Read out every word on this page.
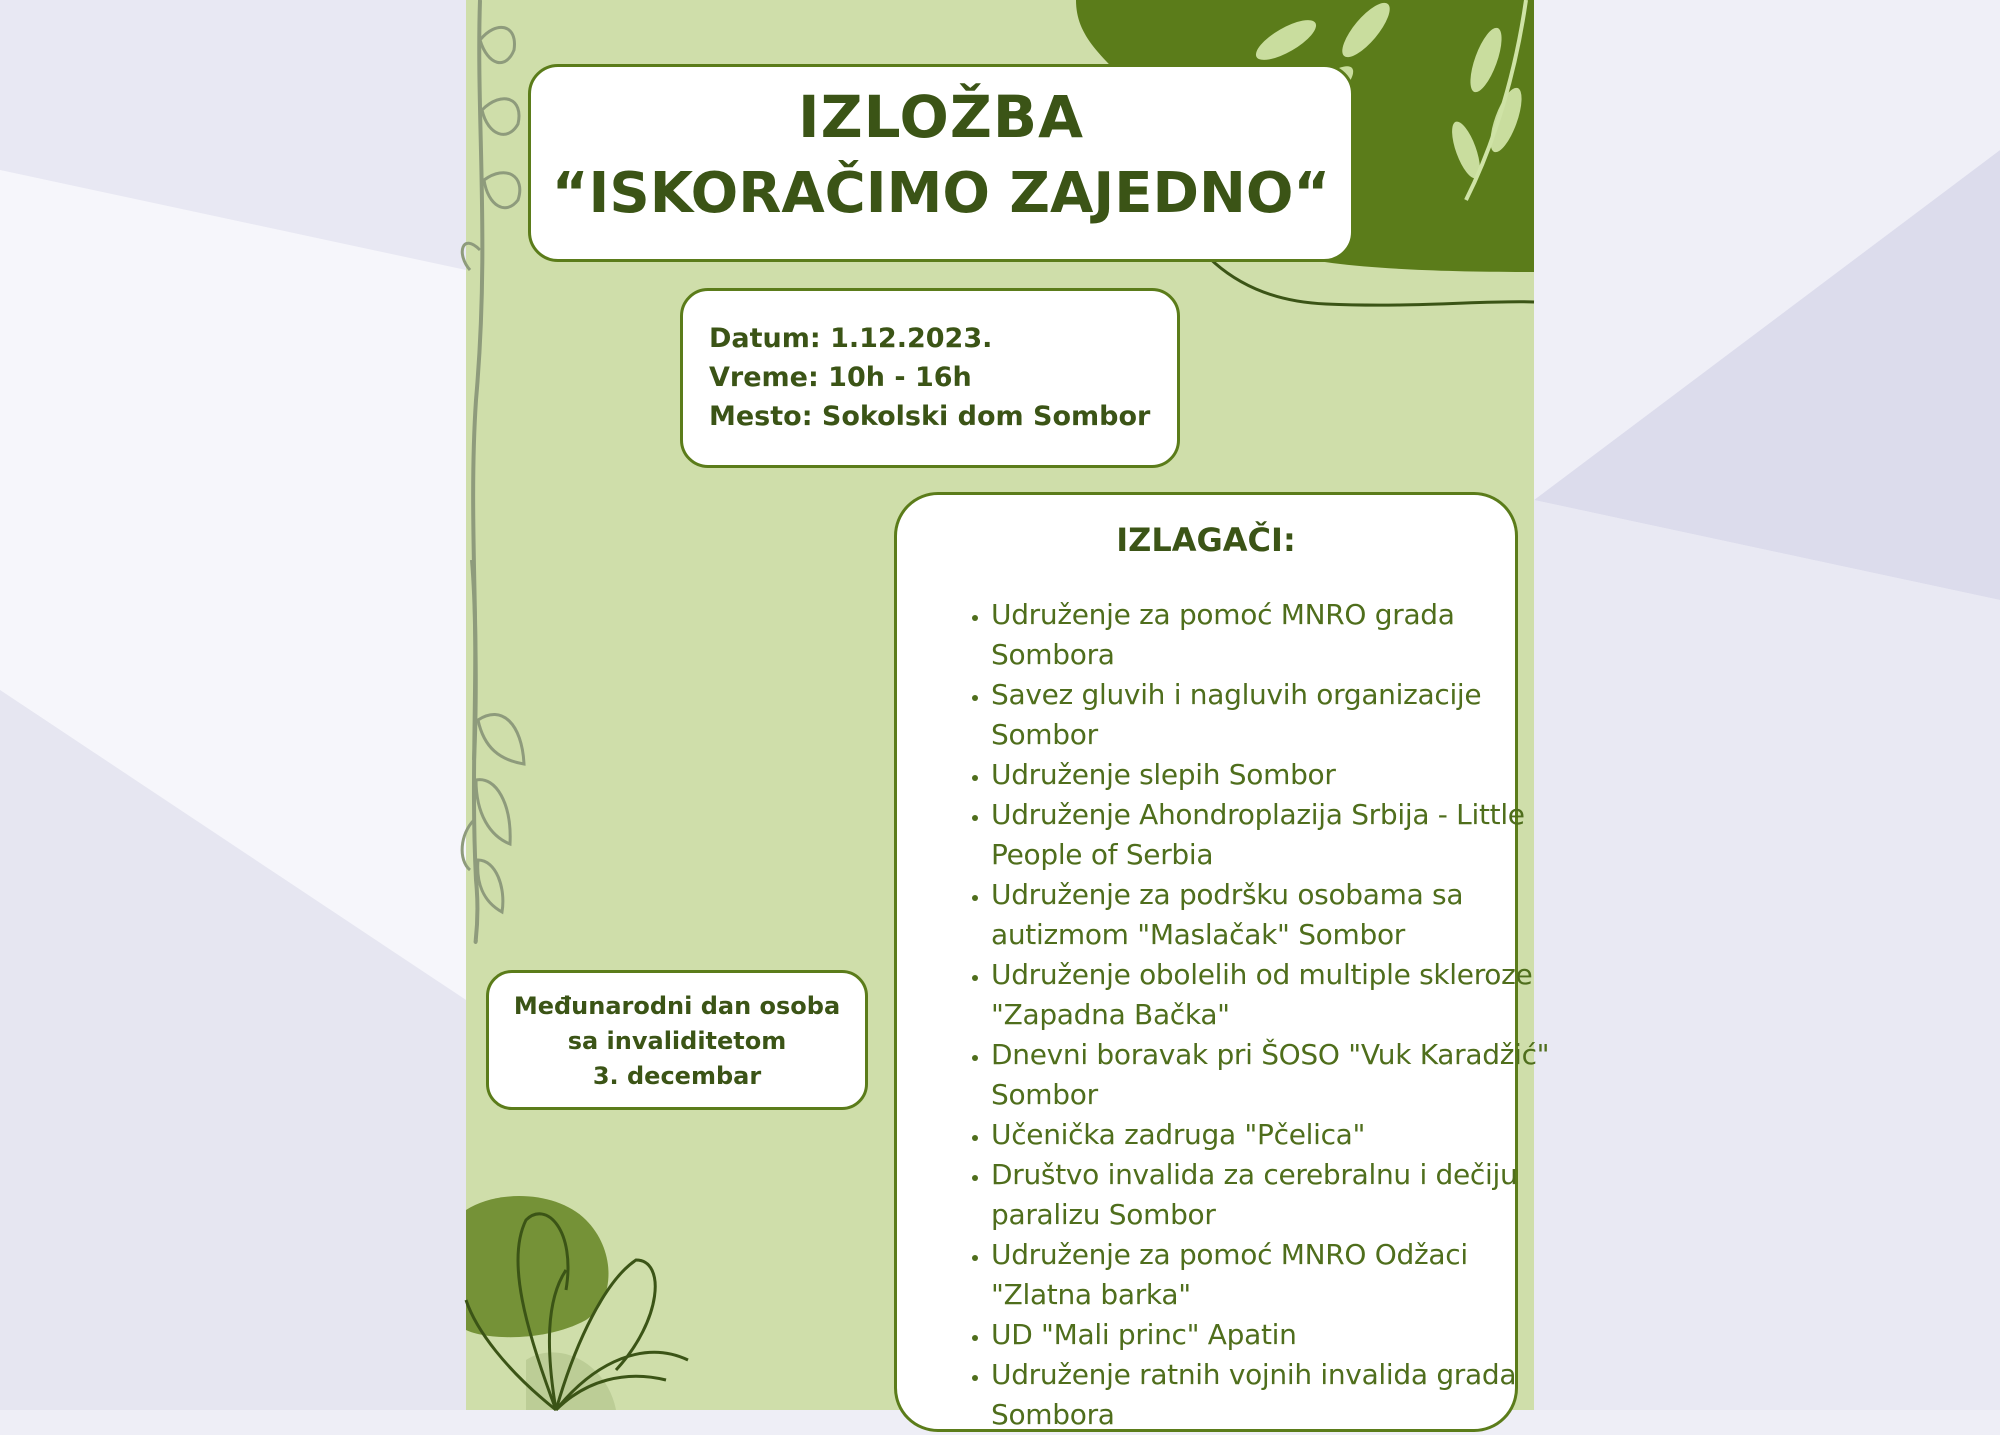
IZLOŽBA
“ISKORAČIMO ZAJEDNO“
Datum: 1.12.2023.
Vreme: 10h - 16h
Mesto: Sokolski dom Sombor
IZLAGAČI:
• Udruženje za pomoć MNRO grada Sombora
• Savez gluvih i nagluvih organizacije Sombor
• Udruženje slepih Sombor
• Udruženje Ahondroplazija Srbija - Little People of Serbia
• Udruženje za podršku osobama sa autizmom "Maslačak" Sombor
• Udruženje obolelih od multiple skleroze "Zapadna Bačka"
• Dnevni boravak pri ŠOSO "Vuk Karadžić" Sombor
• Učenička zadruga "Pčelica"
• Društvo invalida za cerebralnu i dečiju paralizu Sombor
• Udruženje za pomoć MNRO Odžaci "Zlatna barka"
• UD "Mali princ" Apatin
• Udruženje ratnih vojnih invalida grada Sombora
Međunarodni dan osoba
sa invaliditetom
3. decembar
